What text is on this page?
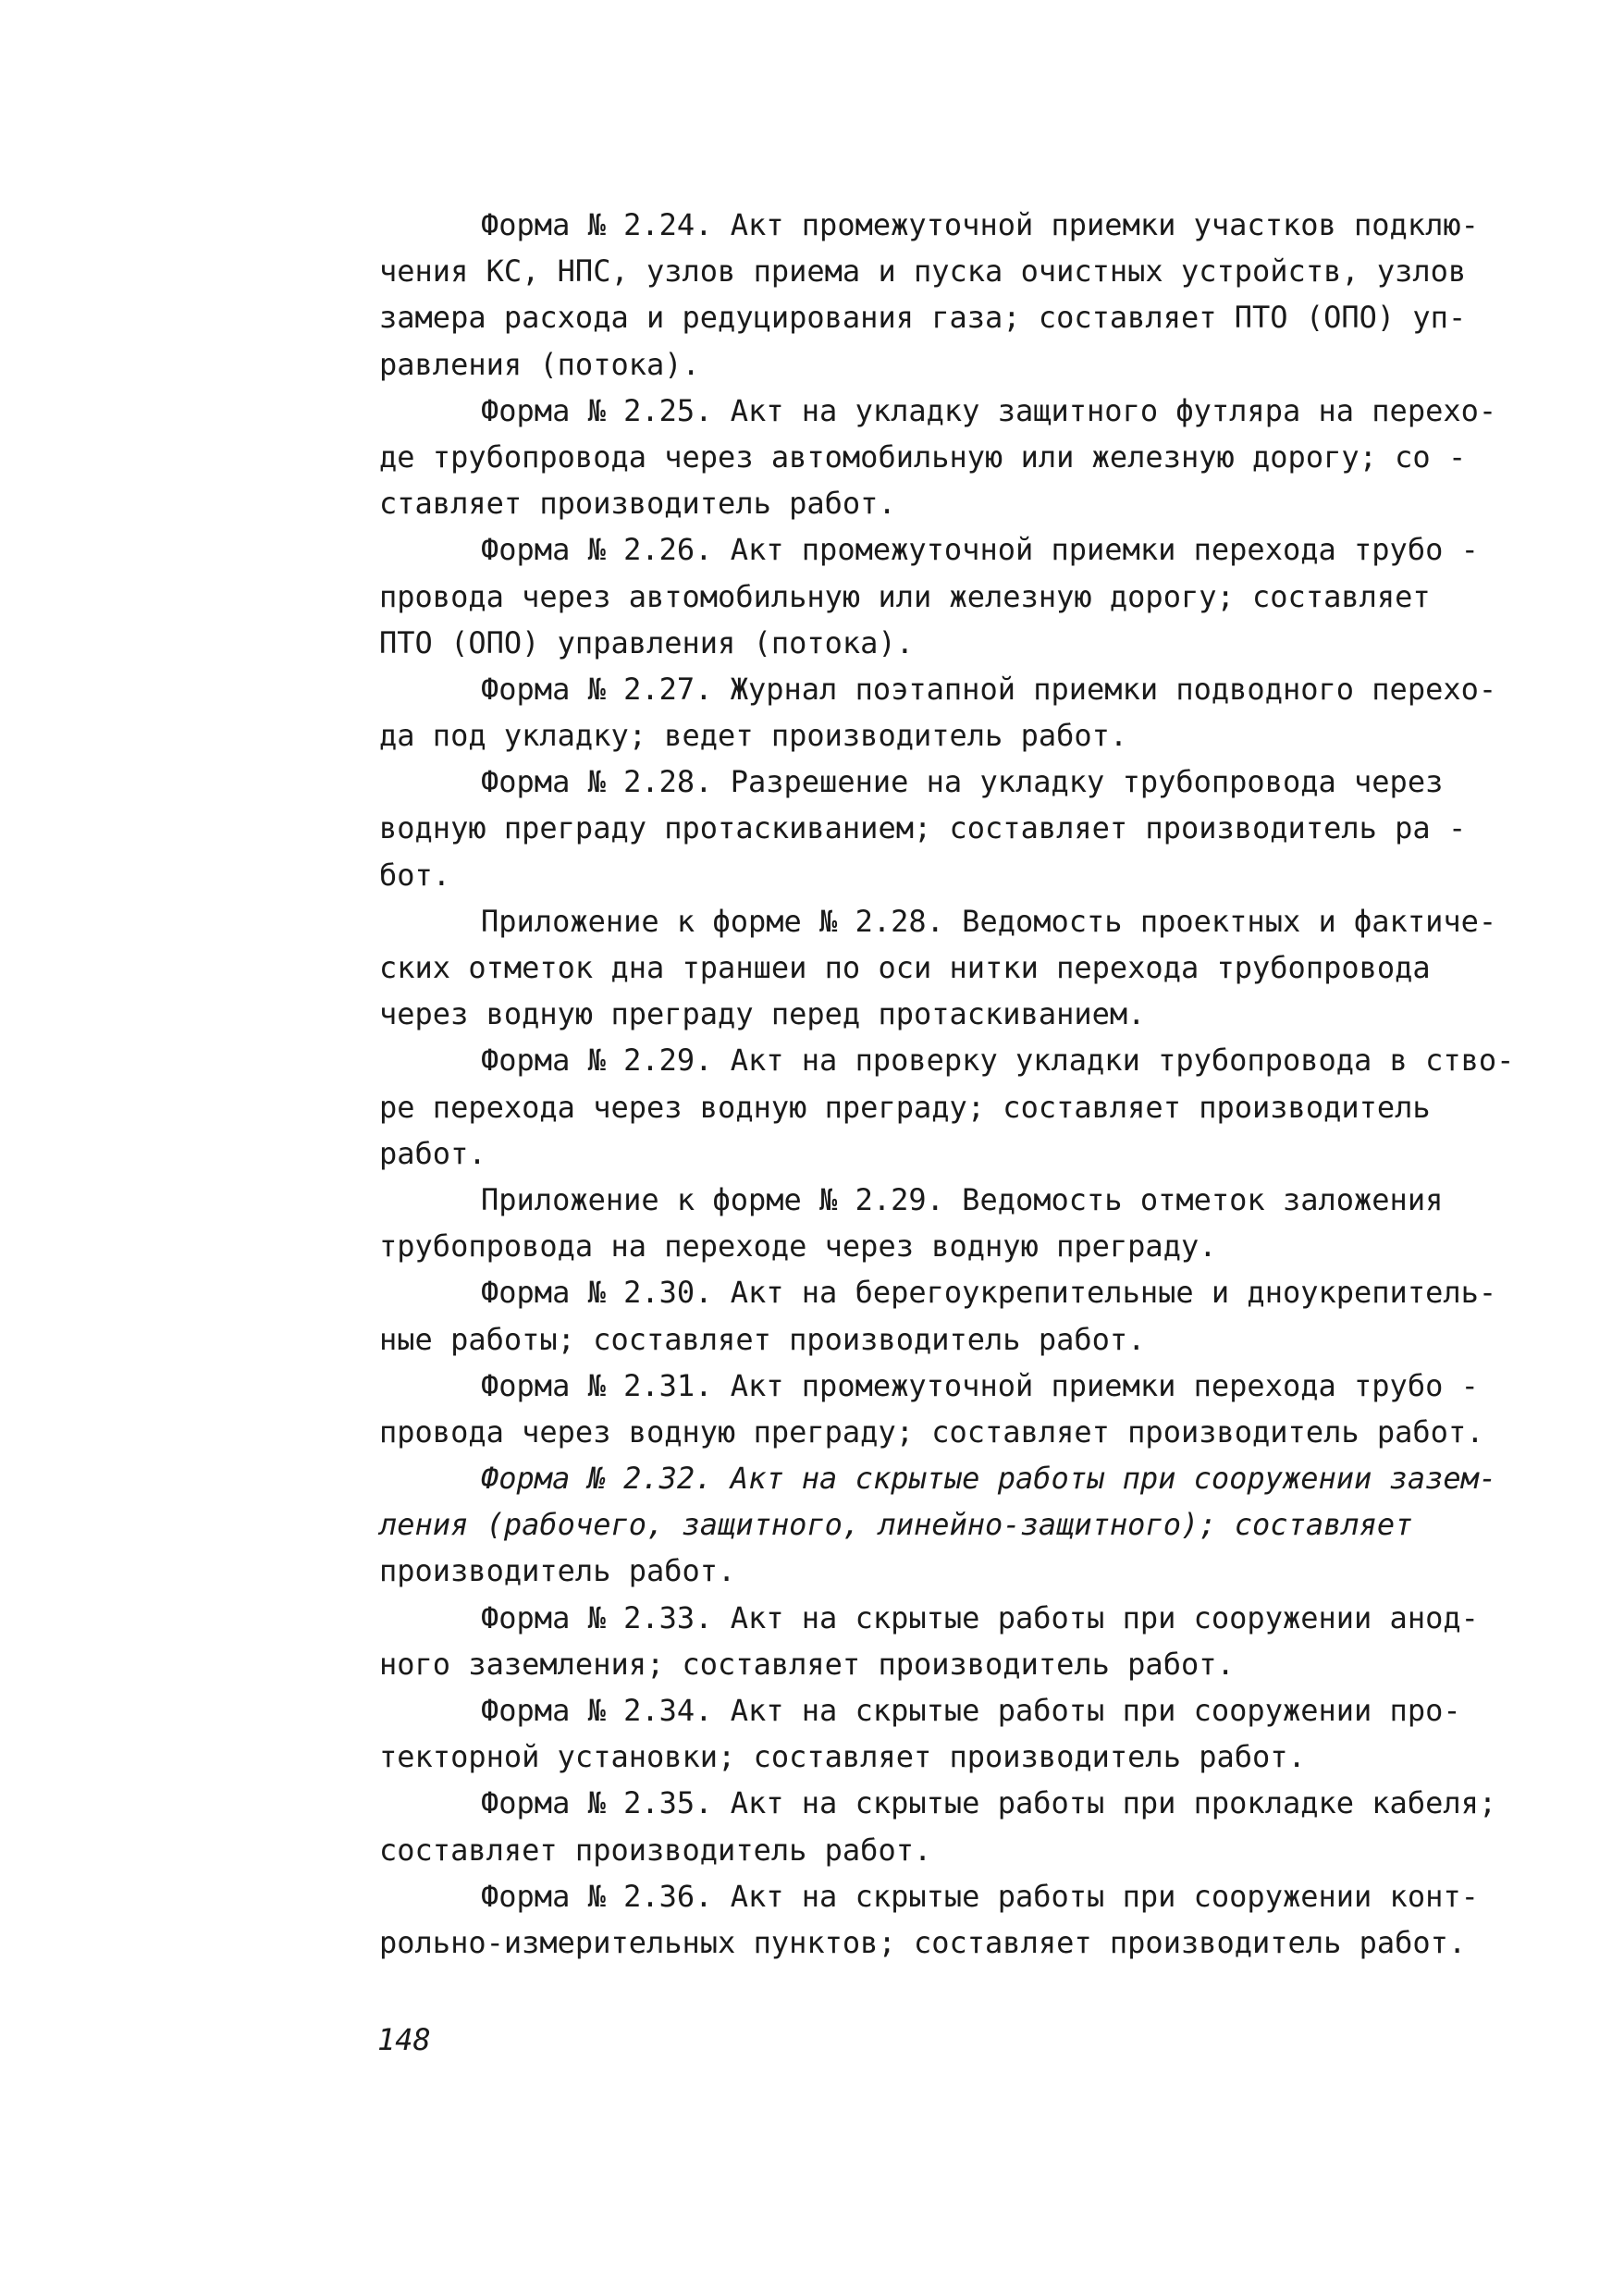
Форма № 2.24. Акт промежуточной приемки участков подклю-
чения КС, НПС, узлов приема и пуска очистных устройств, узлов
замера расхода и редуцирования газа; составляет ПТО (ОПО) уп-
равления (потока).
Форма № 2.25. Акт на укладку защитного футляра на перехо-
де трубопровода через автомобильную или железную дорогу; со -
ставляет производитель работ.
Форма № 2.26. Акт промежуточной приемки перехода трубо -
провода через автомобильную или железную дорогу; составляет
ПТО (ОПО) управления (потока).
Форма № 2.27. Журнал поэтапной приемки подводного перехо-
да под укладку; ведет производитель работ.
Форма № 2.28. Разрешение на укладку трубопровода через
водную преграду протаскиванием; составляет производитель ра -
бот.
Приложение к форме № 2.28. Ведомость проектных и фактиче-
ских отметок дна траншеи по оси нитки перехода трубопровода
через водную преграду перед протаскиванием.
Форма № 2.29. Акт на проверку укладки трубопровода в ство-
ре перехода через водную преграду; составляет производитель
работ.
Приложение к форме № 2.29. Ведомость отметок заложения
трубопровода на переходе через водную преграду.
Форма № 2.30. Акт на берегоукрепительные и дноукрепитель-
ные работы; составляет производитель работ.
Форма № 2.31. Акт промежуточной приемки перехода трубо -
провода через водную преграду; составляет производитель работ.
Форма № 2.32. Акт на скрытые работы при сооружении зазем-
ления (рабочего, защитного, линейно-защитного); составляет
производитель работ.
Форма № 2.33. Акт на скрытые работы при сооружении анод-
ного заземления; составляет производитель работ.
Форма № 2.34. Акт на скрытые работы при сооружении про-
текторной установки; составляет производитель работ.
Форма № 2.35. Акт на скрытые работы при прокладке кабеля;
составляет производитель работ.
Форма № 2.36. Акт на скрытые работы при сооружении конт-
рольно-измерительных пунктов; составляет производитель работ.
148
